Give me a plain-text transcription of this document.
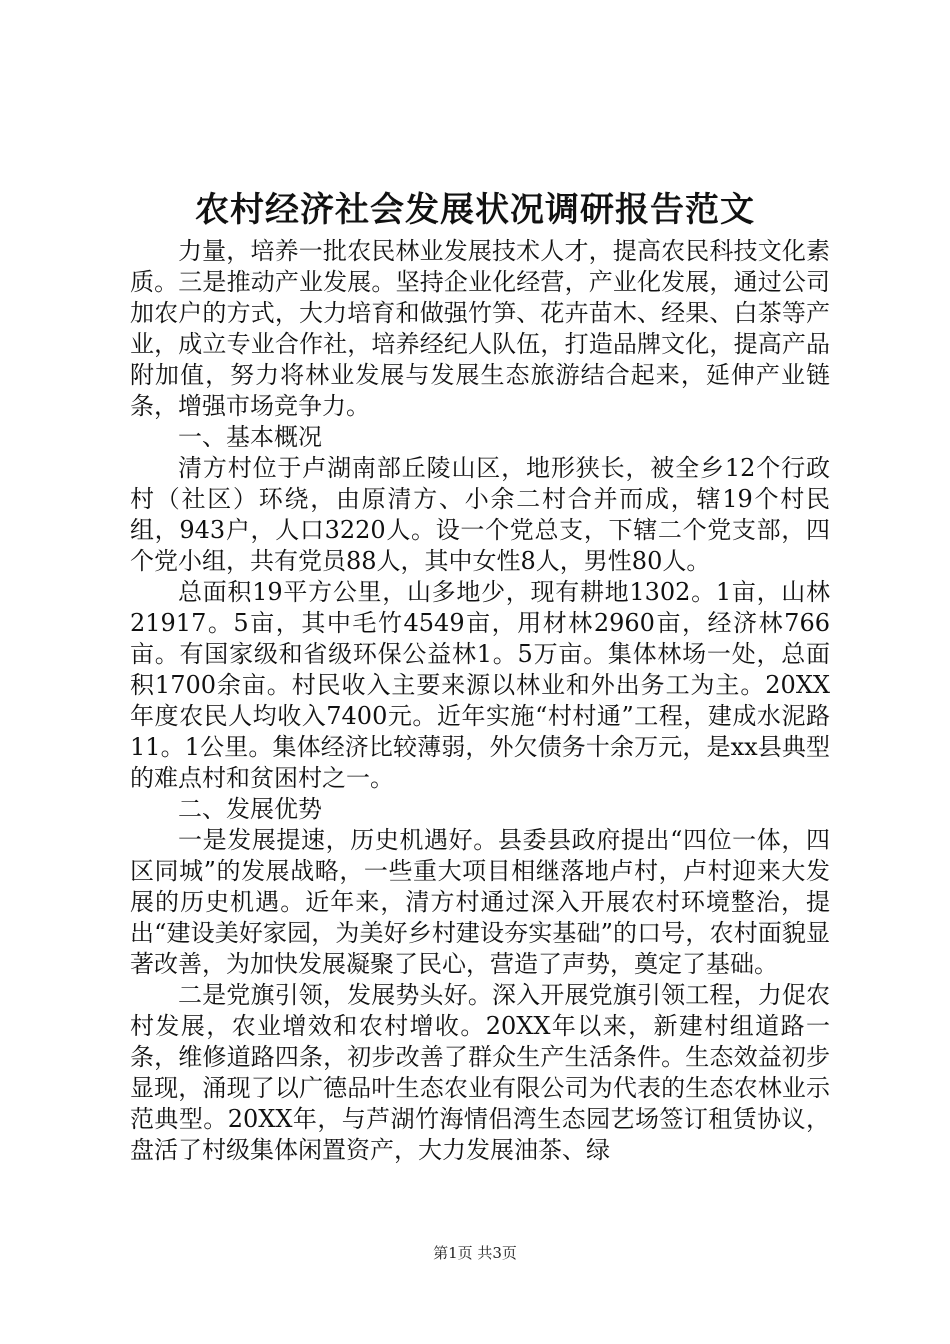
农村经济社会发展状况调研报告范文

力量，培养一批农民林业发展技术人才，提高农民科技文化素质。三是推动产业发展。坚持企业化经营，产业化发展，通过公司加农户的方式，大力培育和做强竹笋、花卉苗木、经果、白茶等产业，成立专业合作社，培养经纪人队伍，打造品牌文化，提高产品附加值，努力将林业发展与发展生态旅游结合起来，延伸产业链条，增强市场竞争力。

一、基本概况

清方村位于卢湖南部丘陵山区，地形狭长，被全乡12个行政村（社区）环绕，由原清方、小余二村合并而成，辖19个村民组，943户，人口3220人。设一个党总支，下辖二个党支部，四个党小组，共有党员88人，其中女性8人，男性80人。

总面积19平方公里，山多地少，现有耕地1302。1亩，山林21917。5亩，其中毛竹4549亩，用材林2960亩，经济林766亩。有国家级和省级环保公益林1。5万亩。集体林场一处，总面积1700余亩。村民收入主要来源以林业和外出务工为主。20XX年度农民人均收入7400元。近年实施“村村通”工程，建成水泥路11。1公里。集体经济比较薄弱，外欠债务十余万元，是xx县典型的难点村和贫困村之一。

二、发展优势

一是发展提速，历史机遇好。县委县政府提出“四位一体，四区同城”的发展战略，一些重大项目相继落地卢村，卢村迎来大发展的历史机遇。近年来，清方村通过深入开展农村环境整治，提出“建设美好家园，为美好乡村建设夯实基础”的口号，农村面貌显著改善，为加快发展凝聚了民心，营造了声势，奠定了基础。

二是党旗引领，发展势头好。深入开展党旗引领工程，力促农村发展，农业增效和农村增收。20XX年以来，新建村组道路一条，维修道路四条，初步改善了群众生产生活条件。生态效益初步显现，涌现了以广德品叶生态农业有限公司为代表的生态农林业示范典型。20XX年，与芦湖竹海情侣湾生态园艺场签订租赁协议，盘活了村级集体闲置资产，大力发展油茶、绿

第1页 共3页
